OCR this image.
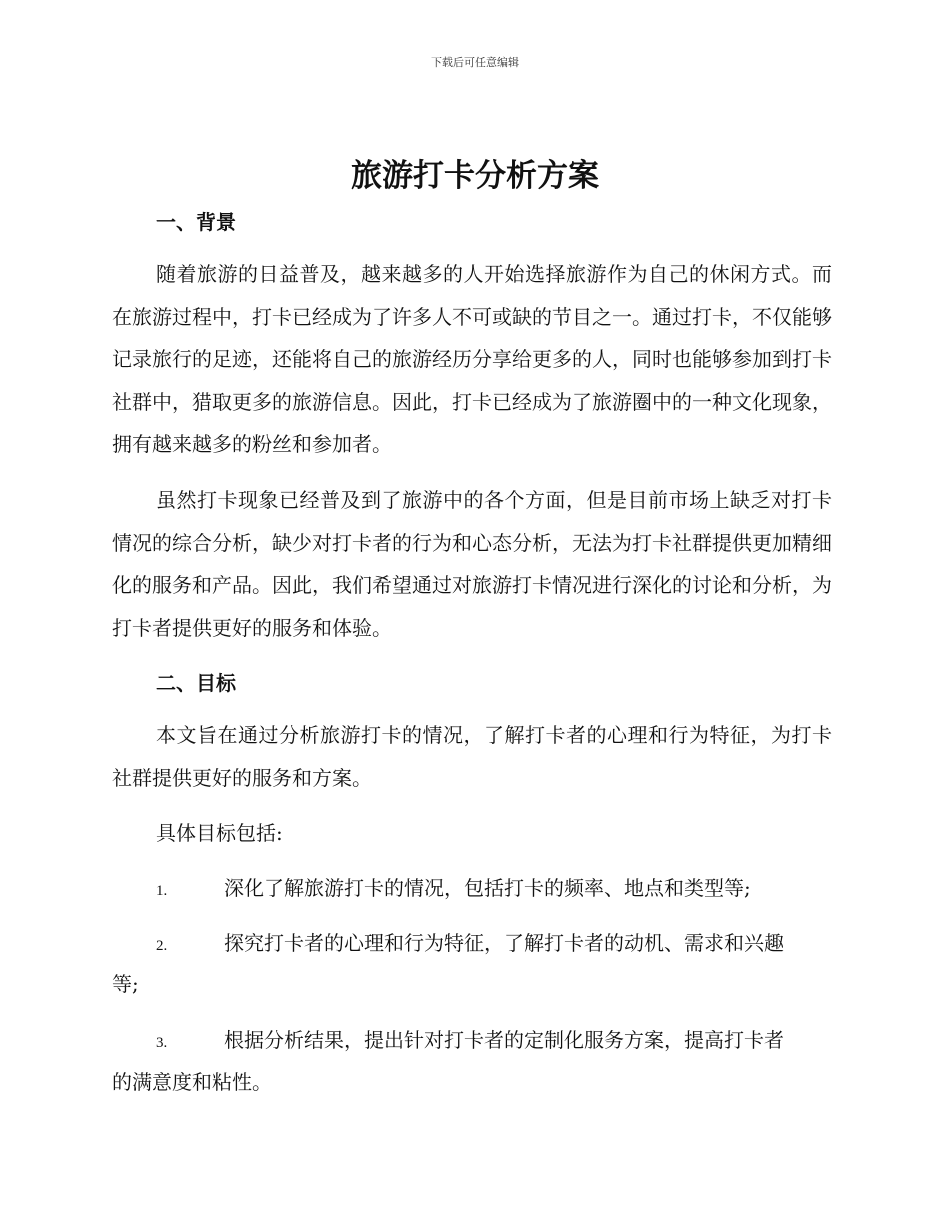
下载后可任意编辑
旅游打卡分析方案
一、背景

随着旅游的日益普及，越来越多的人开始选择旅游作为自己的休闲方式。而在旅游过程中，打卡已经成为了许多人不可或缺的节目之一。通过打卡，不仅能够记录旅行的足迹，还能将自己的旅游经历分享给更多的人，同时也能够参加到打卡社群中，猎取更多的旅游信息。因此，打卡已经成为了旅游圈中的一种文化现象，拥有越来越多的粉丝和参加者。

虽然打卡现象已经普及到了旅游中的各个方面，但是目前市场上缺乏对打卡情况的综合分析，缺少对打卡者的行为和心态分析，无法为打卡社群提供更加精细化的服务和产品。因此，我们希望通过对旅游打卡情况进行深化的讨论和分析，为打卡者提供更好的服务和体验。

二、目标

本文旨在通过分析旅游打卡的情况，了解打卡者的心理和行为特征，为打卡社群提供更好的服务和方案。

具体目标包括:

1.	深化了解旅游打卡的情况，包括打卡的频率、地点和类型等;
2.	探究打卡者的心理和行为特征，了解打卡者的动机、需求和兴趣
等;
3.	根据分析结果，提出针对打卡者的定制化服务方案，提高打卡者
的满意度和粘性。
